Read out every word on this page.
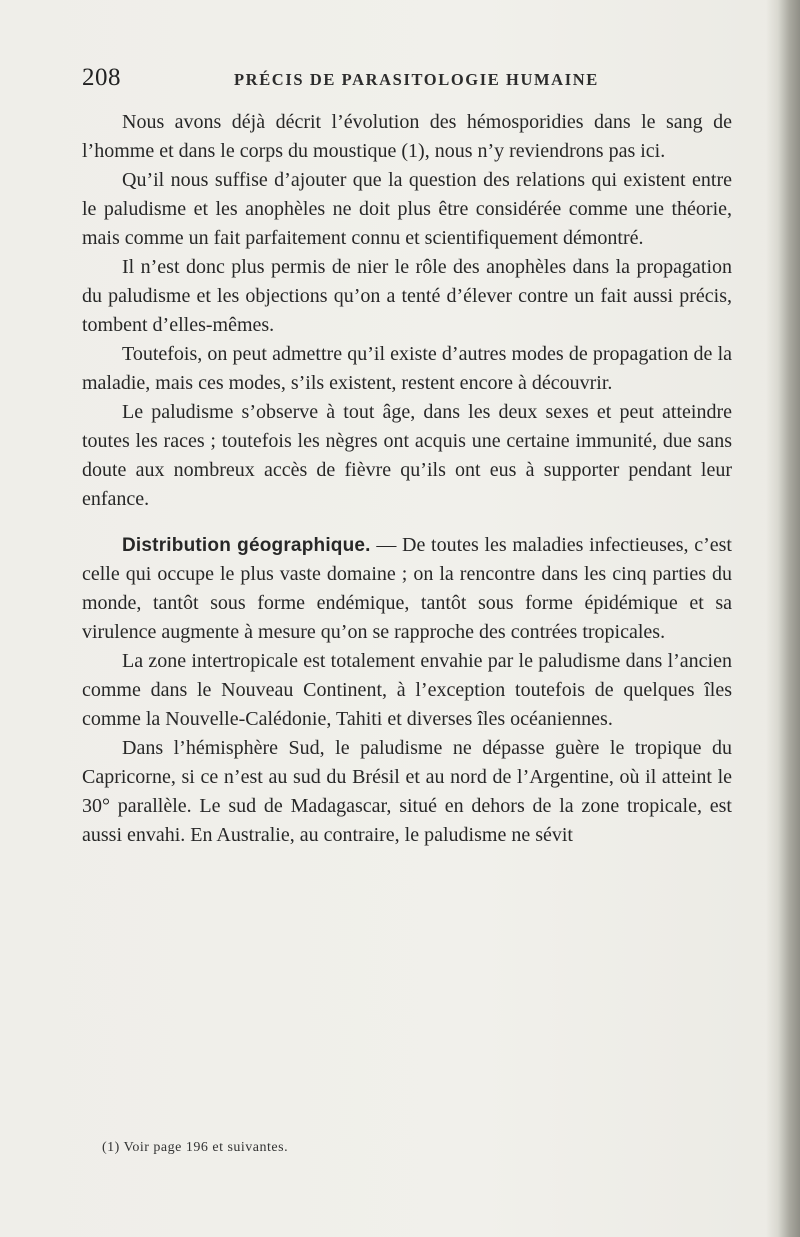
208	PRÉCIS DE PARASITOLOGIE HUMAINE

Nous avons déjà décrit l’évolution des hémosporidies dans le sang de l’homme et dans le corps du moustique (1), nous n’y reviendrons pas ici.

Qu’il nous suffise d’ajouter que la question des relations qui existent entre le paludisme et les anophèles ne doit plus être considérée comme une théorie, mais comme un fait parfaitement connu et scientifiquement démontré.

Il n’est donc plus permis de nier le rôle des anophèles dans la propagation du paludisme et les objections qu’on a tenté d’élever contre un fait aussi précis, tombent d’elles-mêmes.

Toutefois, on peut admettre qu’il existe d’autres modes de propagation de la maladie, mais ces modes, s’ils existent, restent encore à découvrir.

Le paludisme s’observe à tout âge, dans les deux sexes et peut atteindre toutes les races ; toutefois les nègres ont acquis une certaine immunité, due sans doute aux nombreux accès de fièvre qu’ils ont eus à supporter pendant leur enfance.

Distribution géographique. — De toutes les maladies infectieuses, c’est celle qui occupe le plus vaste domaine ; on la rencontre dans les cinq parties du monde, tantôt sous forme endémique, tantôt sous forme épidémique et sa virulence augmente à mesure qu’on se rapproche des contrées tropicales.

La zone intertropicale est totalement envahie par le paludisme dans l’ancien comme dans le Nouveau Continent, à l’exception toutefois de quelques îles comme la Nouvelle-Calédonie, Tahiti et diverses îles océaniennes.

Dans l’hémisphère Sud, le paludisme ne dépasse guère le tropique du Capricorne, si ce n’est au sud du Brésil et au nord de l’Argentine, où il atteint le 30° parallèle. Le sud de Madagascar, situé en dehors de la zone tropicale, est aussi envahi. En Australie, au contraire, le paludisme ne sévit

(1) Voir page 196 et suivantes.
